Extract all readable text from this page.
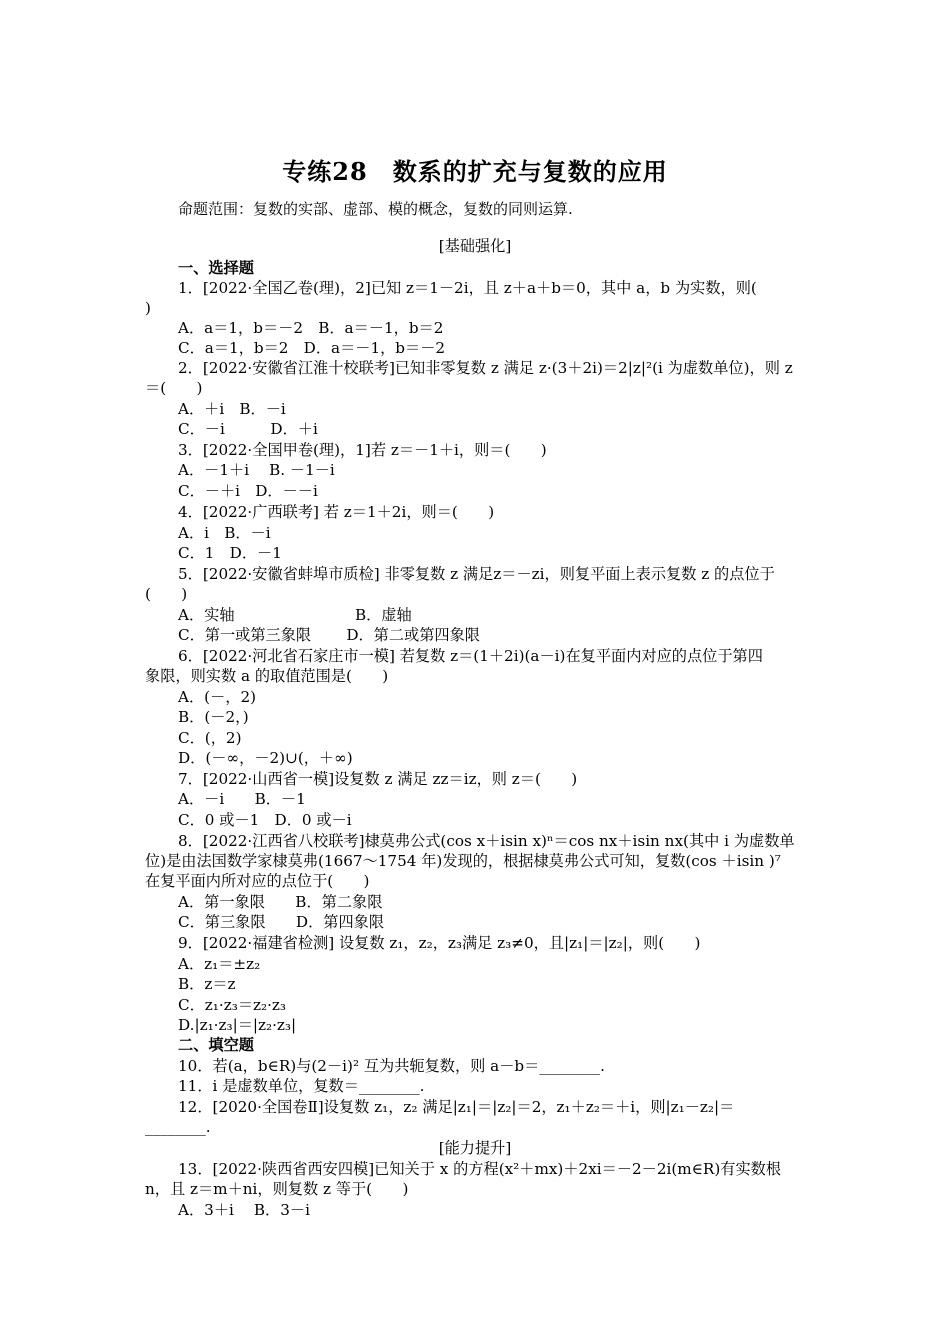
专练28　数系的扩充与复数的应用
命题范围：复数的实部、虚部、模的概念，复数的同则运算.
[基础强化]
一、选择题
1．[2022·全国乙卷(理)，2]已知 z＝1－2i，且 z＋a＋b＝0，其中 a，b 为实数，则(
)
A．a＝1，b＝－2　B．a＝－1，b＝2
C．a＝1，b＝2　D．a＝－1，b＝－2
2．[2022·安徽省江淮十校联考]已知非零复数 z 满足 z·(3＋2i)＝2|z|²(i 为虚数单位)，则 z
＝(　　)
A．＋i　B．－i
C．－i　　　D．＋i
3．[2022·全国甲卷(理)，1]若 z＝－1＋i，则＝(　　)
A．－1＋i　 B. －1－i
C．－＋i　D．－－i
4．[2022·广西联考] 若 z＝1＋2i，则＝(　　)
A．i　B．－i
C．1　D．－1
5．[2022·安徽省蚌埠市质检] 非零复数 z 满足z＝－zi，则复平面上表示复数 z 的点位于
(　　)
A．实轴	B．虚轴
C．第一或第三象限　　 D．第二或第四象限
6．[2022·河北省石家庄市一模] 若复数 z＝(1＋2i)(a－i)在复平面内对应的点位于第四
象限，则实数 a 的取值范围是(　　)
A．(－，2)
B．(－2，)
C．(，2)
D．(－∞，－2)∪(，＋∞)
7．[2022·山西省一模]设复数 z 满足 zz＝iz，则 z＝(　　)
A．－i　　B．－1
C．0 或－1　D．0 或－i
8．[2022·江西省八校联考]棣莫弗公式(cos x＋isin x)ⁿ＝cos nx＋isin nx(其中 i 为虚数单
位)是由法国数学家棣莫弗(1667～1754 年)发现的，根据棣莫弗公式可知，复数(cos ＋isin )⁷
在复平面内所对应的点位于(　　)
A．第一象限　　B．第二象限
C．第三象限　　D．第四象限
9．[2022·福建省检测] 设复数 z₁，z₂，z₃满足 z₃≠0，且|z₁|＝|z₂|，则(　　)
A．z₁＝±z₂
B．z＝z
C．z₁·z₃＝z₂·z₃
D.|z₁·z₃|＝|z₂·z₃|
二、填空题
10．若(a，b∈R)与(2－i)² 互为共轭复数，则 a－b＝________.
11．i 是虚数单位，复数＝________.
12．[2020·全国卷Ⅱ]设复数 z₁，z₂ 满足|z₁|＝|z₂|＝2，z₁＋z₂＝＋i，则|z₁－z₂|＝
________.
[能力提升]
13．[2022·陕西省西安四模]已知关于 x 的方程(x²＋mx)＋2xi＝－2－2i(m∈R)有实数根
n，且 z＝m＋ni，则复数 z 等于(　　)
A．3＋i　 B．3－i
